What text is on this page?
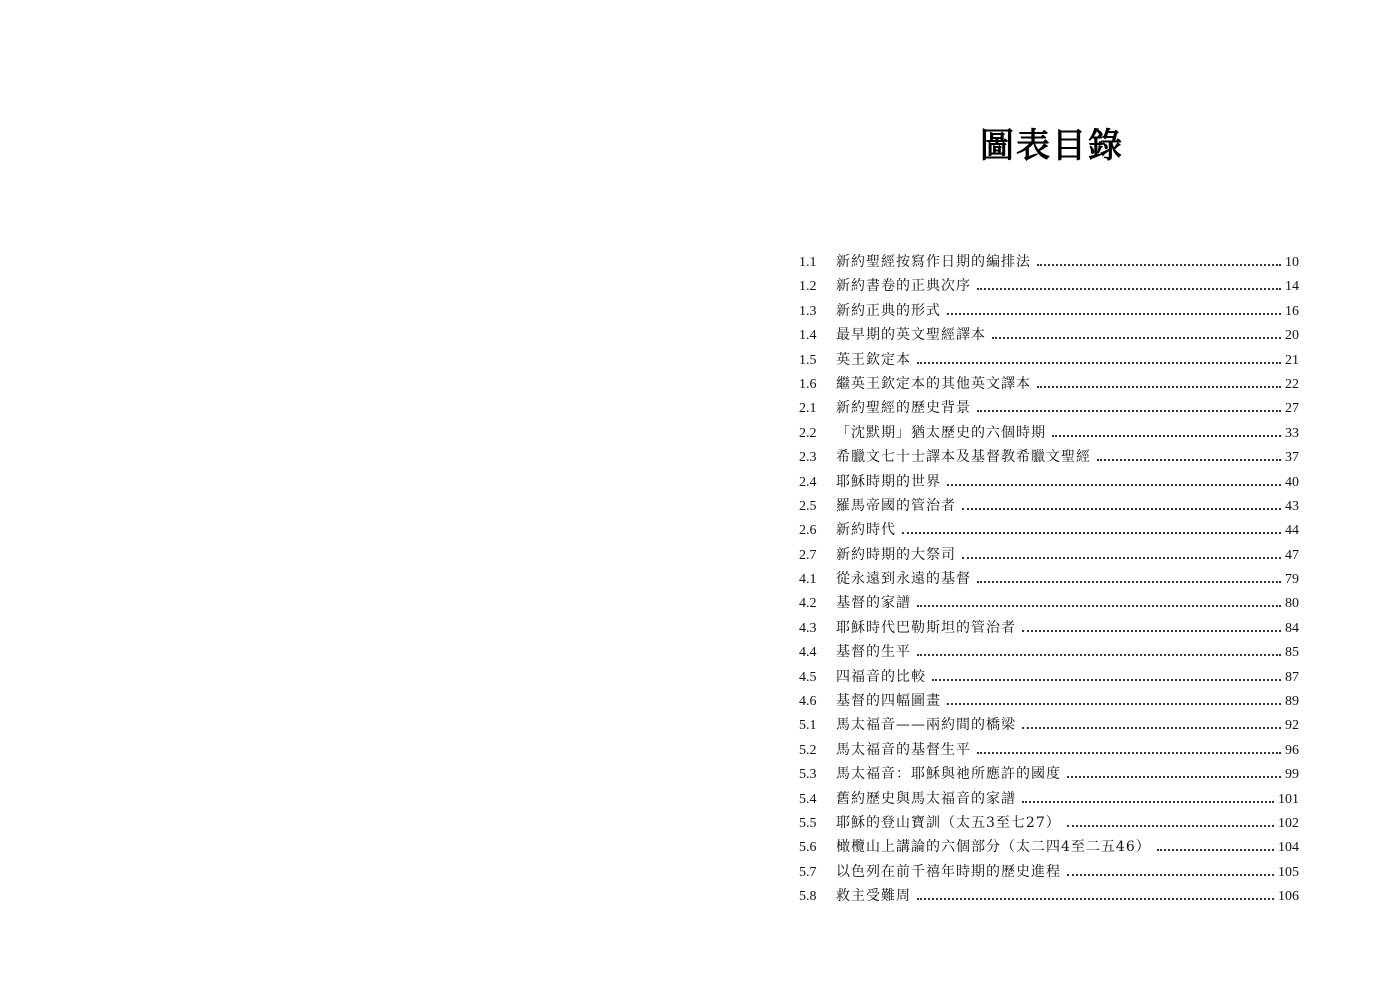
圖表目錄
1.1	新約聖經按寫作日期的編排法	10
1.2	新約書卷的正典次序	14
1.3	新約正典的形式	16
1.4	最早期的英文聖經譯本	20
1.5	英王欽定本	21
1.6	繼英王欽定本的其他英文譯本	22
2.1	新約聖經的歷史背景	27
2.2	「沈默期」猶太歷史的六個時期	33
2.3	希臘文七十士譯本及基督教希臘文聖經	37
2.4	耶穌時期的世界	40
2.5	羅馬帝國的管治者	43
2.6	新約時代	44
2.7	新約時期的大祭司	47
4.1	從永遠到永遠的基督	79
4.2	基督的家譜	80
4.3	耶穌時代巴勒斯坦的管治者	84
4.4	基督的生平	85
4.5	四福音的比較	87
4.6	基督的四幅圖畫	89
5.1	馬太福音——兩約間的橋梁	92
5.2	馬太福音的基督生平	96
5.3	馬太福音：耶穌與祂所應許的國度	99
5.4	舊約歷史與馬太福音的家譜	101
5.5	耶穌的登山寶訓（太五3至七27）	102
5.6	橄欖山上講論的六個部分（太二四4至二五46）	104
5.7	以色列在前千禧年時期的歷史進程	105
5.8	救主受難周	106
